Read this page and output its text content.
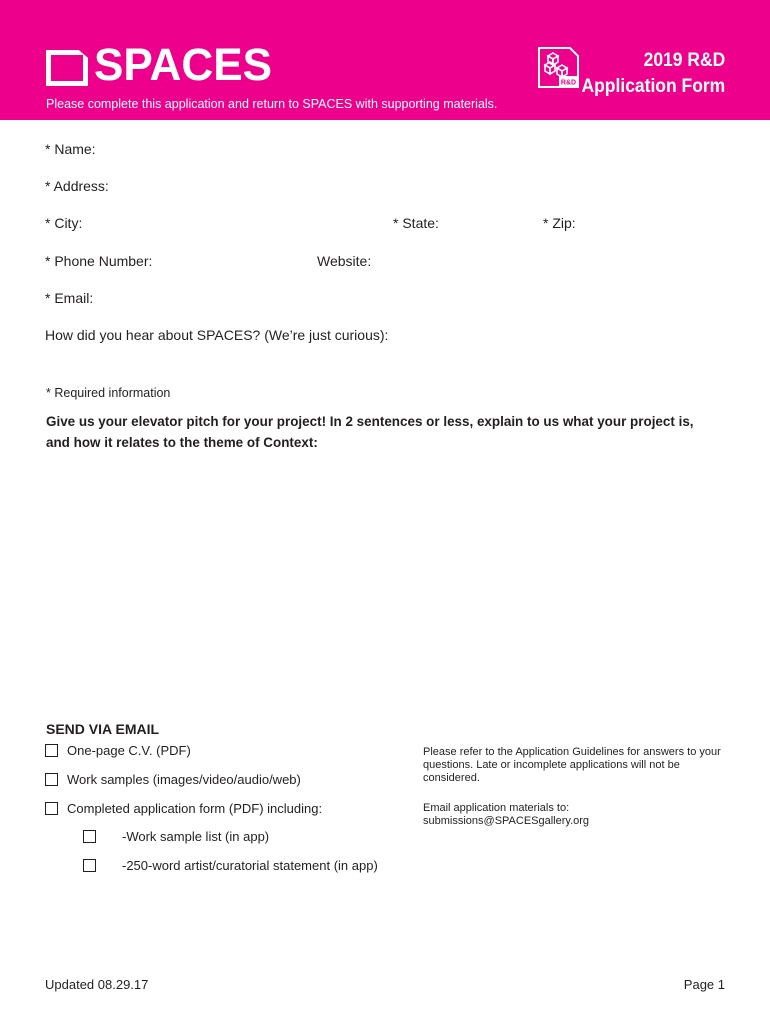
SPACES
Please complete this application and return to SPACES with supporting materials.
R&D
2019 R&D
Application Form
* Name:
* Address:
* City:	* State:	* Zip:
* Phone Number:	Website:
* Email:
How did you hear about SPACES? (We’re just curious):
* Required information
Give us your elevator pitch for your project! In 2 sentences or less, explain to us what your project is, and how it relates to the theme of Context:
SEND VIA EMAIL
One-page C.V. (PDF)
Work samples (images/video/audio/web)
Completed application form (PDF) including:
-Work sample list (in app)
-250-word artist/curatorial statement (in app)
Please refer to the Application Guidelines for answers to your questions. Late or incomplete applications will not be considered.
Email application materials to:
submissions@SPACESgallery.org
Updated 08.29.17	Page 1
